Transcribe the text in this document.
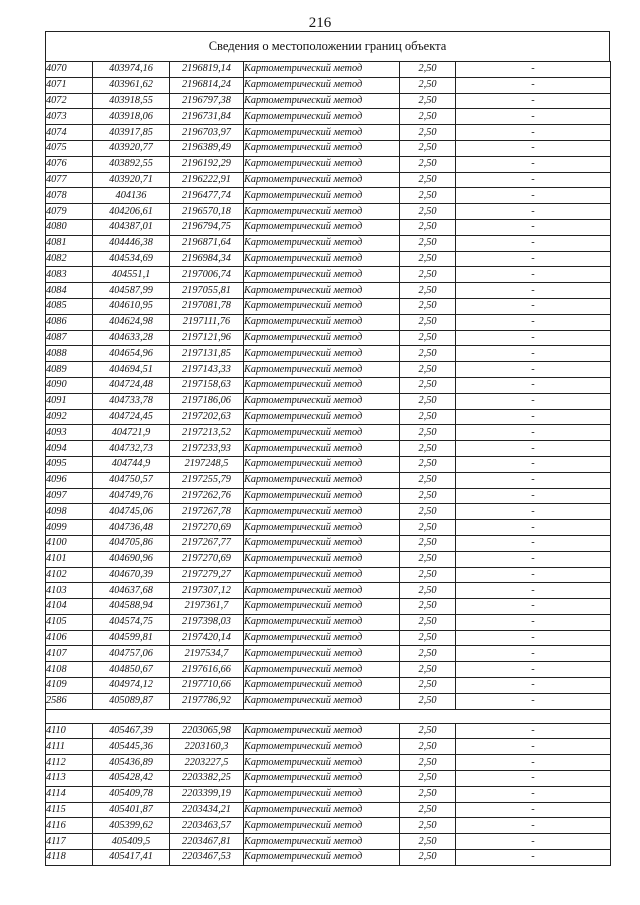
216
Сведения о местоположении границ объекта
4070	403974,16	2196819,14	Картометрический метод	2,50	-
4071	403961,62	2196814,24	Картометрический метод	2,50	-
4072	403918,55	2196797,38	Картометрический метод	2,50	-
4073	403918,06	2196731,84	Картометрический метод	2,50	-
4074	403917,85	2196703,97	Картометрический метод	2,50	-
4075	403920,77	2196389,49	Картометрический метод	2,50	-
4076	403892,55	2196192,29	Картометрический метод	2,50	-
4077	403920,71	2196222,91	Картометрический метод	2,50	-
4078	404136	2196477,74	Картометрический метод	2,50	-
4079	404206,61	2196570,18	Картометрический метод	2,50	-
4080	404387,01	2196794,75	Картометрический метод	2,50	-
4081	404446,38	2196871,64	Картометрический метод	2,50	-
4082	404534,69	2196984,34	Картометрический метод	2,50	-
4083	404551,1	2197006,74	Картометрический метод	2,50	-
4084	404587,99	2197055,81	Картометрический метод	2,50	-
4085	404610,95	2197081,78	Картометрический метод	2,50	-
4086	404624,98	2197111,76	Картометрический метод	2,50	-
4087	404633,28	2197121,96	Картометрический метод	2,50	-
4088	404654,96	2197131,85	Картометрический метод	2,50	-
4089	404694,51	2197143,33	Картометрический метод	2,50	-
4090	404724,48	2197158,63	Картометрический метод	2,50	-
4091	404733,78	2197186,06	Картометрический метод	2,50	-
4092	404724,45	2197202,63	Картометрический метод	2,50	-
4093	404721,9	2197213,52	Картометрический метод	2,50	-
4094	404732,73	2197233,93	Картометрический метод	2,50	-
4095	404744,9	2197248,5	Картометрический метод	2,50	-
4096	404750,57	2197255,79	Картометрический метод	2,50	-
4097	404749,76	2197262,76	Картометрический метод	2,50	-
4098	404745,06	2197267,78	Картометрический метод	2,50	-
4099	404736,48	2197270,69	Картометрический метод	2,50	-
4100	404705,86	2197267,77	Картометрический метод	2,50	-
4101	404690,96	2197270,69	Картометрический метод	2,50	-
4102	404670,39	2197279,27	Картометрический метод	2,50	-
4103	404637,68	2197307,12	Картометрический метод	2,50	-
4104	404588,94	2197361,7	Картометрический метод	2,50	-
4105	404574,75	2197398,03	Картометрический метод	2,50	-
4106	404599,81	2197420,14	Картометрический метод	2,50	-
4107	404757,06	2197534,7	Картометрический метод	2,50	-
4108	404850,67	2197616,66	Картометрический метод	2,50	-
4109	404974,12	2197710,66	Картометрический метод	2,50	-
2586	405089,87	2197786,92	Картометрический метод	2,50	-

4110	405467,39	2203065,98	Картометрический метод	2,50	-
4111	405445,36	2203160,3	Картометрический метод	2,50	-
4112	405436,89	2203227,5	Картометрический метод	2,50	-
4113	405428,42	2203382,25	Картометрический метод	2,50	-
4114	405409,78	2203399,19	Картометрический метод	2,50	-
4115	405401,87	2203434,21	Картометрический метод	2,50	-
4116	405399,62	2203463,57	Картометрический метод	2,50	-
4117	405409,5	2203467,81	Картометрический метод	2,50	-
4118	405417,41	2203467,53	Картометрический метод	2,50	-
